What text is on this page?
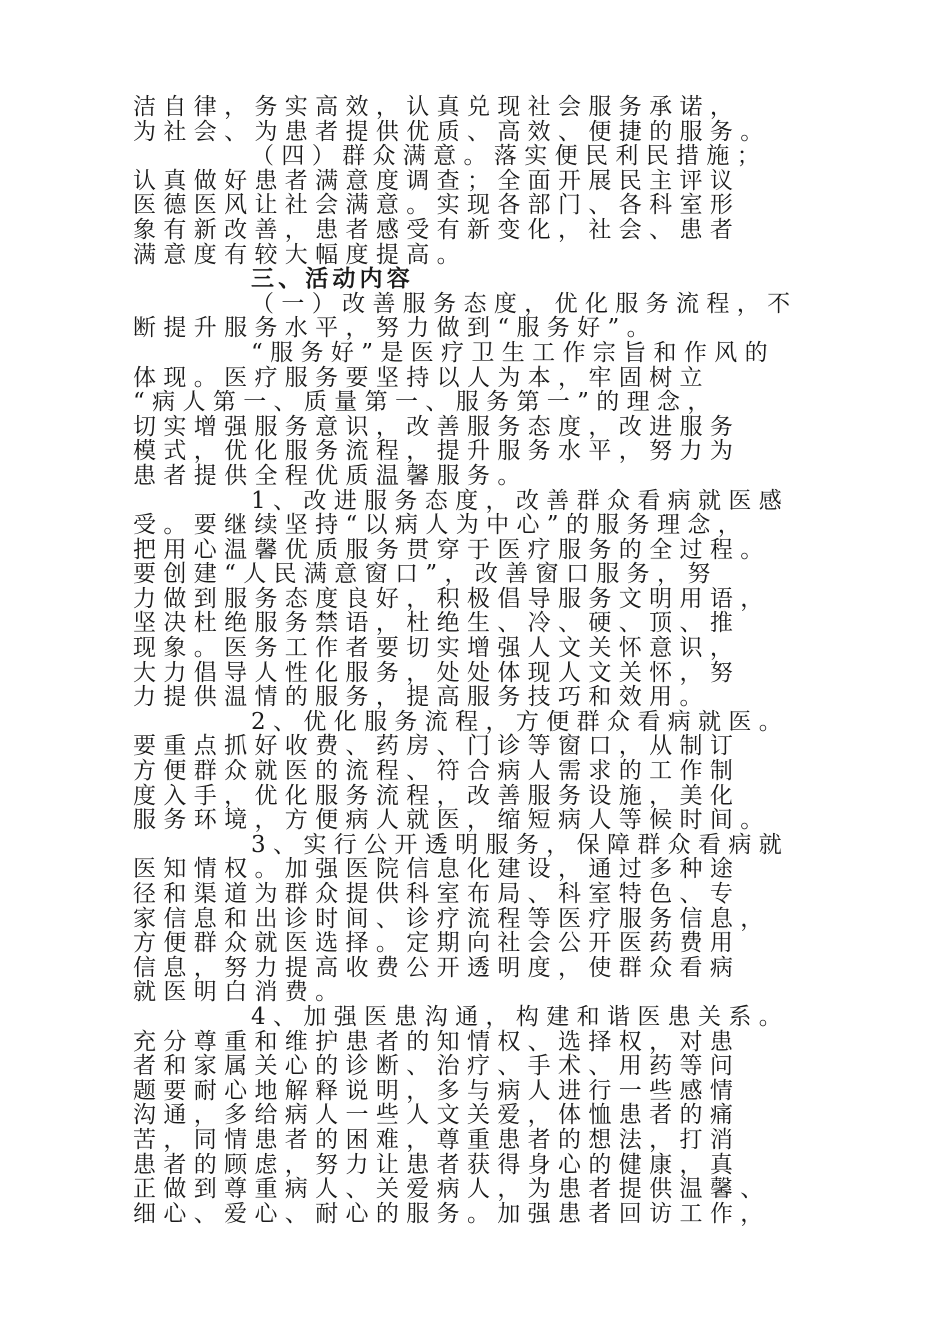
洁自律，务实高效，认真兑现社会服务承诺，
为社会、为患者提供优质、高效、便捷的服务。
（四）群众满意。落实便民利民措施；
认真做好患者满意度调查；全面开展民主评议
医德医风让社会满意。实现各部门、各科室形
象有新改善，患者感受有新变化，社会、患者
满意度有较大幅度提高。
三、活动内容
（一）改善服务态度，优化服务流程，不
断提升服务水平，努力做到“服务好”。
“服务好”是医疗卫生工作宗旨和作风的
体现。医疗服务要坚持以人为本，牢固树立
“病人第一、质量第一、服务第一”的理念，
切实增强服务意识，改善服务态度，改进服务
模式，优化服务流程，提升服务水平，努力为
患者提供全程优质温馨服务。
1、改进服务态度，改善群众看病就医感
受。要继续坚持“以病人为中心”的服务理念，
把用心温馨优质服务贯穿于医疗服务的全过程。
要创建“人民满意窗口”，改善窗口服务，努
力做到服务态度良好，积极倡导服务文明用语，
坚决杜绝服务禁语，杜绝生、冷、硬、顶、推
现象。医务工作者要切实增强人文关怀意识，
大力倡导人性化服务，处处体现人文关怀，努
力提供温情的服务，提高服务技巧和效用。
2、优化服务流程，方便群众看病就医。
要重点抓好收费、药房、门诊等窗口，从制订
方便群众就医的流程、符合病人需求的工作制
度入手，优化服务流程，改善服务设施，美化
服务环境，方便病人就医，缩短病人等候时间。
3、实行公开透明服务，保障群众看病就
医知情权。加强医院信息化建设，通过多种途
径和渠道为群众提供科室布局、科室特色、专
家信息和出诊时间、诊疗流程等医疗服务信息，
方便群众就医选择。定期向社会公开医药费用
信息，努力提高收费公开透明度，使群众看病
就医明白消费。
4、加强医患沟通，构建和谐医患关系。
充分尊重和维护患者的知情权、选择权，对患
者和家属关心的诊断、治疗、手术、用药等问
题要耐心地解释说明，多与病人进行一些感情
沟通，多给病人一些人文关爱，体恤患者的痛
苦，同情患者的困难，尊重患者的想法，打消
患者的顾虑，努力让患者获得身心的健康，真
正做到尊重病人、关爱病人，为患者提供温馨、
细心、爱心、耐心的服务。加强患者回访工作，
